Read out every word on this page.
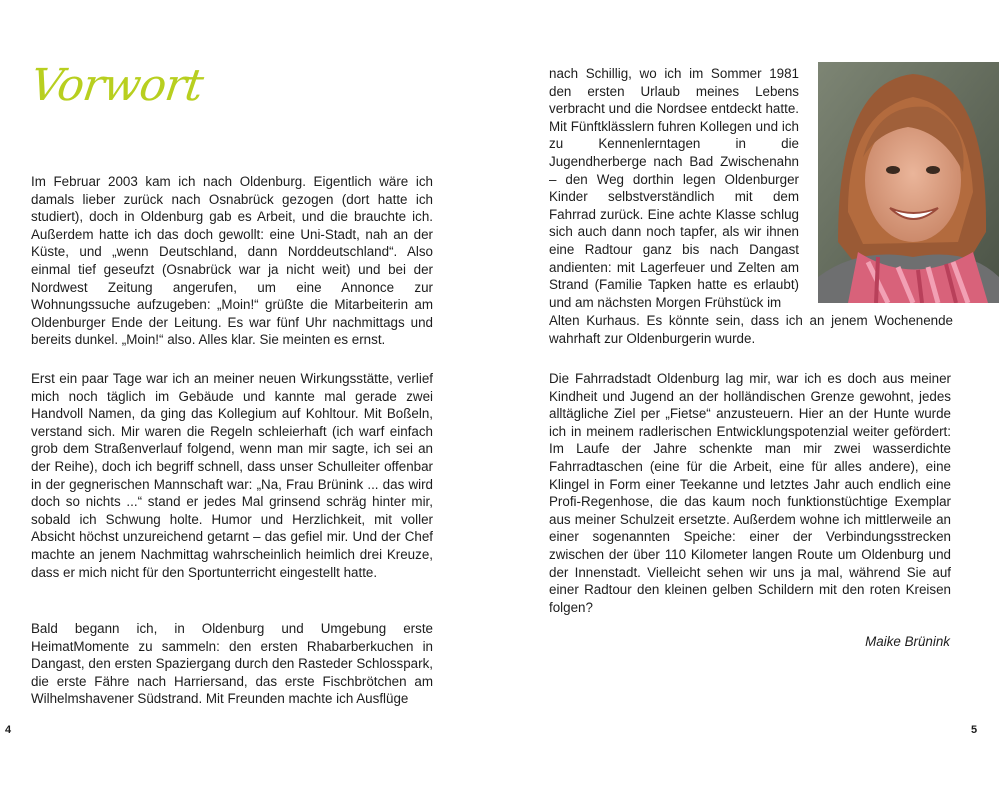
Vorwort

Im Februar 2003 kam ich nach Oldenburg. Eigentlich wäre ich damals lieber zurück nach Osnabrück gezogen (dort hatte ich studiert), doch in Oldenburg gab es Arbeit, und die brauchte ich. Außerdem hatte ich das doch gewollt: eine Uni-Stadt, nah an der Küste, und „wenn Deutschland, dann Norddeutschland“. Also einmal tief geseufzt (Osnabrück war ja nicht weit) und bei der Nordwest Zeitung angerufen, um eine Annonce zur Wohnungssuche aufzugeben: „Moin!“ grüßte die Mitarbeiterin am Oldenburger Ende der Leitung. Es war fünf Uhr nachmittags und bereits dunkel. „Moin!“ also. Alles klar. Sie meinten es ernst.

Erst ein paar Tage war ich an meiner neuen Wirkungsstätte, verlief mich noch täglich im Gebäude und kannte mal gerade zwei Handvoll Namen, da ging das Kollegium auf Kohltour. Mit Boßeln, verstand sich. Mir waren die Regeln schleierhaft (ich warf einfach grob dem Straßenverlauf folgend, wenn man mir sagte, ich sei an der Reihe), doch ich begriff schnell, dass unser Schulleiter offenbar in der gegnerischen Mannschaft war: „Na, Frau Brünink ... das wird doch so nichts ...“ stand er jedes Mal grinsend schräg hinter mir, sobald ich Schwung holte. Humor und Herzlichkeit, mit voller Absicht höchst unzureichend getarnt – das gefiel mir. Und der Chef machte an jenem Nachmittag wahrscheinlich heimlich drei Kreuze, dass er mich nicht für den Sportunterricht eingestellt hatte.

Bald begann ich, in Oldenburg und Umgebung erste HeimatMomente zu sammeln: den ersten Rhabarberkuchen in Dangast, den ersten Spaziergang durch den Rasteder Schlosspark, die erste Fähre nach Harriersand, das erste Fischbrötchen am Wilhelmshavener Südstrand. Mit Freunden machte ich Ausflüge

nach Schillig, wo ich im Sommer 1981 den ersten Urlaub meines Lebens verbracht und die Nordsee entdeckt hatte. Mit Fünftklässlern fuhren Kollegen und ich zu Kennenlerntagen in die Jugendherberge nach Bad Zwischenahn – den Weg dorthin legen Oldenburger Kinder selbstverständlich mit dem Fahrrad zurück. Eine achte Klasse schlug sich auch dann noch tapfer, als wir ihnen eine Radtour ganz bis nach Dangast andienten: mit Lagerfeuer und Zelten am Strand (Familie Tapken hatte es erlaubt) und am nächsten Morgen Frühstück im

Alten Kurhaus. Es könnte sein, dass ich an jenem Wochenende wahrhaft zur Oldenburgerin wurde.

Die Fahrradstadt Oldenburg lag mir, war ich es doch aus meiner Kindheit und Jugend an der holländischen Grenze gewohnt, jedes alltägliche Ziel per „Fietse“ anzusteuern. Hier an der Hunte wurde ich in meinem radlerischen Entwicklungspotenzial weiter gefördert: Im Laufe der Jahre schenkte man mir zwei wasserdichte Fahrradtaschen (eine für die Arbeit, eine für alles andere), eine Klingel in Form einer Teekanne und letztes Jahr auch endlich eine Profi-Regenhose, die das kaum noch funktionstüchtige Exemplar aus meiner Schulzeit ersetzte. Außerdem wohne ich mittlerweile an einer sogenannten Speiche: einer der Verbindungsstrecken zwischen der über 110 Kilometer langen Route um Oldenburg und der Innenstadt. Vielleicht sehen wir uns ja mal, während Sie auf einer Radtour den kleinen gelben Schildern mit den roten Kreisen folgen?

Maike Brünink
4	5
